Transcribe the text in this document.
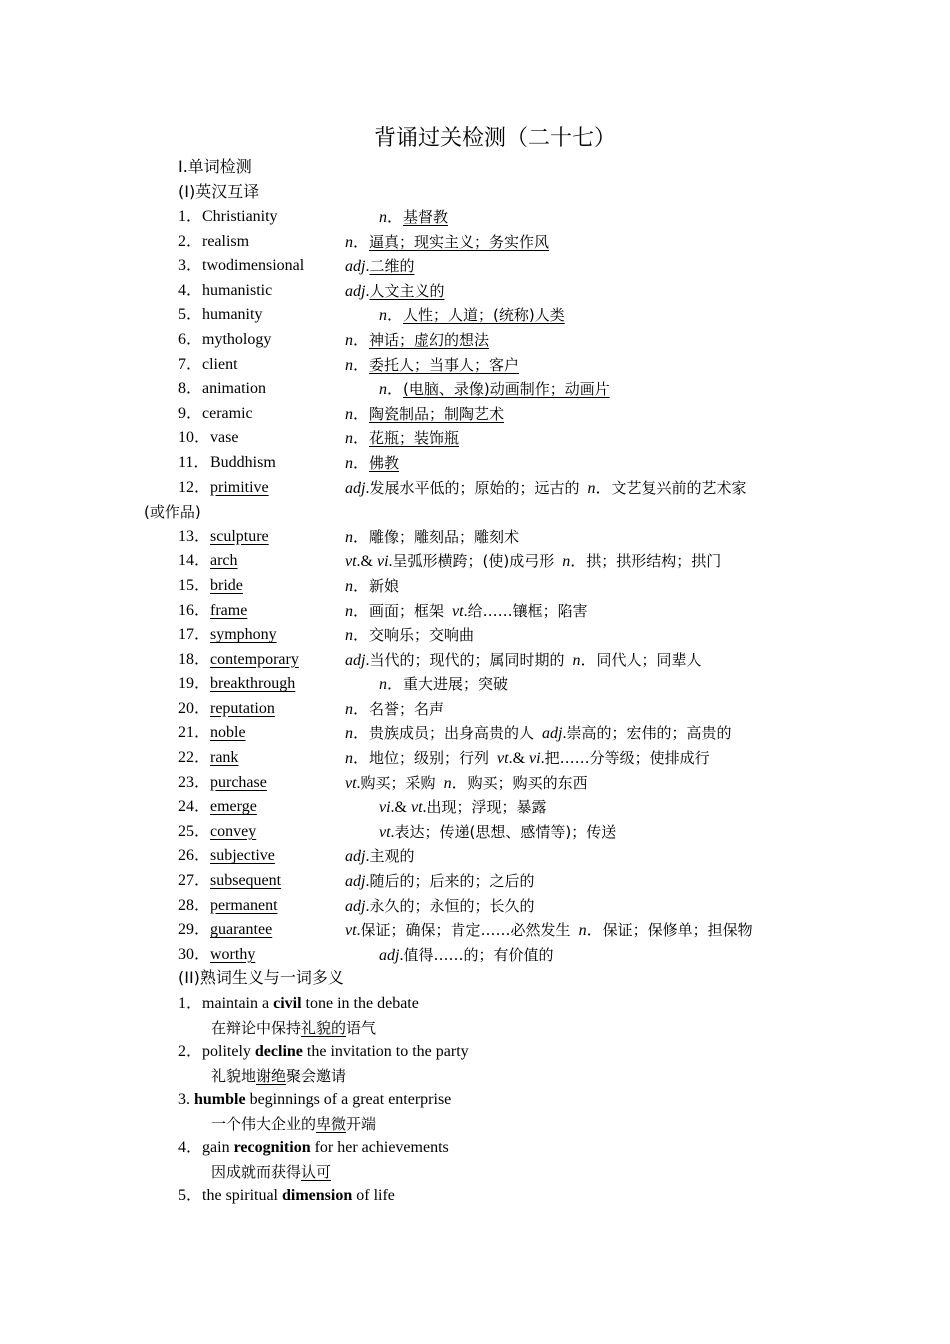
背诵过关检测（二十七）
I.单词检测
(I)英汉互译
1． Christianity	n．基督教
2． realism	n．逼真；现实主义；务实作风
3． twodimensional	adj.二维的
4． humanistic	adj.人文主义的
5． humanity	n．人性；人道；(统称)人类
6． mythology	n．神话；虚幻的想法
7． client	n．委托人；当事人；客户
8． animation	n．(电脑、录像)动画制作；动画片
9． ceramic	n．陶瓷制品；制陶艺术
10． vase	n．花瓶；装饰瓶
11． Buddhism	n．佛教
12． primitive	adj.发展水平低的；原始的；远古的 n．文艺复兴前的艺术家
(或作品)
13． sculpture	n．雕像；雕刻品；雕刻术
14． arch	vt.& vi.呈弧形横跨；(使)成弓形 n．拱；拱形结构；拱门
15． bride	n．新娘
16． frame	n．画面；框架 vt.给……镶框；陷害
17． symphony	n．交响乐；交响曲
18． contemporary	adj.当代的；现代的；属同时期的 n．同代人；同辈人
19． breakthrough	n．重大进展；突破
20． reputation	n．名誉；名声
21． noble	n．贵族成员；出身高贵的人 adj.崇高的；宏伟的；高贵的
22． rank	n．地位；级别；行列 vt.& vi.把……分等级；使排成行
23． purchase	vt.购买；采购 n．购买；购买的东西
24． emerge	vi.& vt.出现；浮现；暴露
25． convey	vt.表达；传递(思想、感情等)；传送
26． subjective	adj.主观的
27． subsequent	adj.随后的；后来的；之后的
28． permanent	adj.永久的；永恒的；长久的
29． guarantee	vt.保证；确保；肯定……必然发生 n．保证；保修单；担保物
30． worthy	adj.值得……的；有价值的
(II)熟词生义与一词多义
1．maintain a civil tone in the debate
在辩论中保持礼貌的语气
2．politely decline the invitation to the party
礼貌地谢绝聚会邀请
3. humble beginnings of a great enterprise
一个伟大企业的卑微开端
4．gain recognition for her achievements
因成就而获得认可
5．the spiritual dimension of life
